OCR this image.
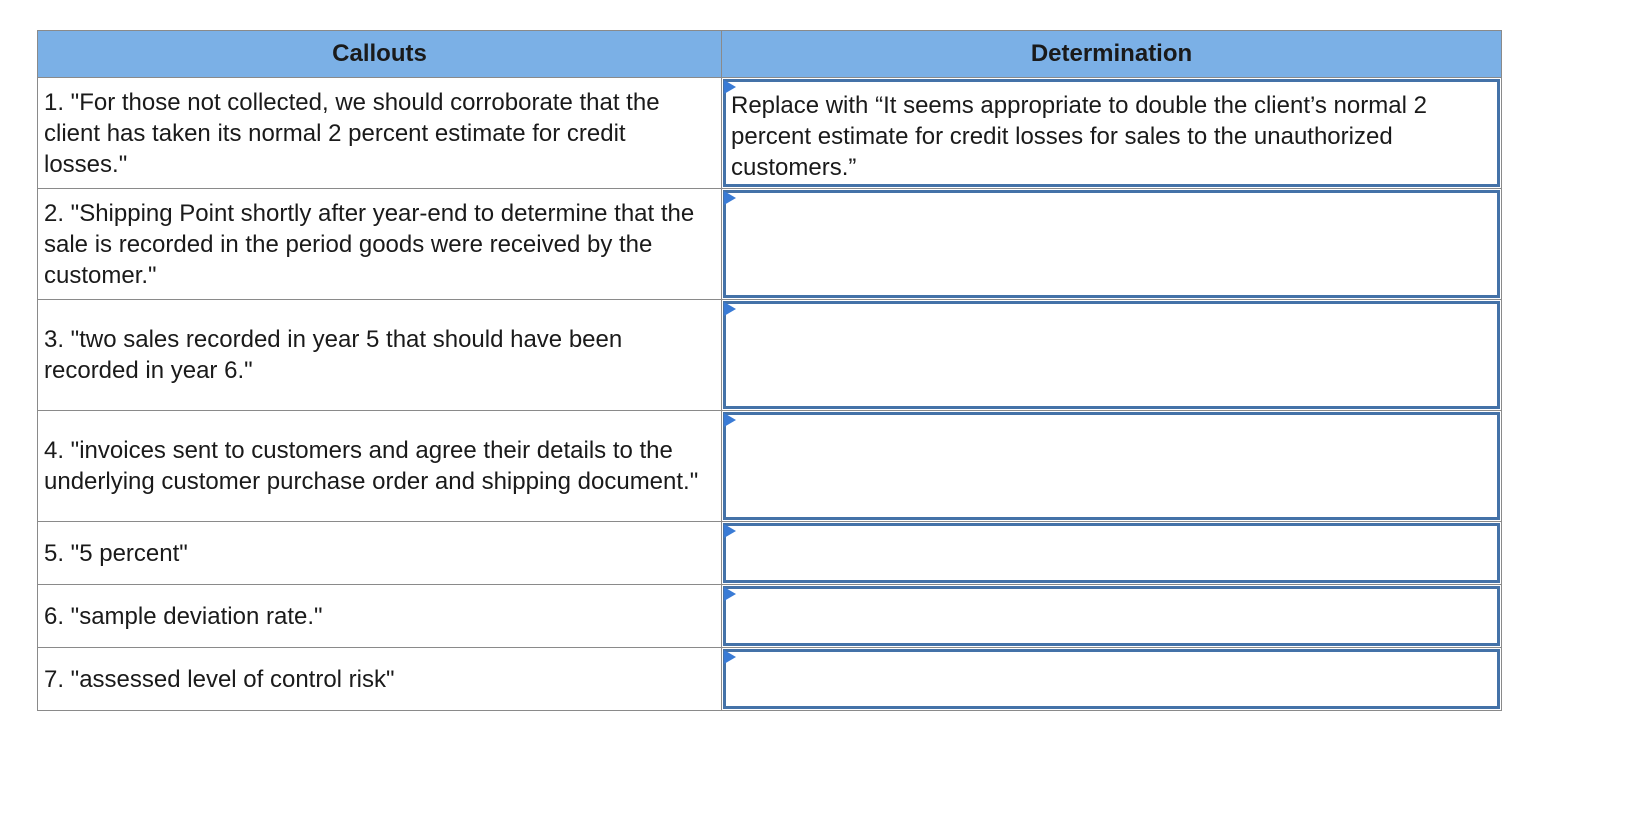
Callouts	Determination
1. "For those not collected, we should corroborate that the client has taken its normal 2 percent estimate for credit losses."	Replace with “It seems appropriate to double the client’s normal 2 percent estimate for credit losses for sales to the unauthorized customers.”

2. "Shipping Point shortly after year-end to determine that the sale is recorded in the period goods were received by the customer."	

3. "two sales recorded in year 5 that should have been recorded in year 6."	

4. "invoices sent to customers and agree their details to the underlying customer purchase order and shipping document."	

5. "5 percent"	

6. "sample deviation rate."	

7. "assessed level of control risk"	
